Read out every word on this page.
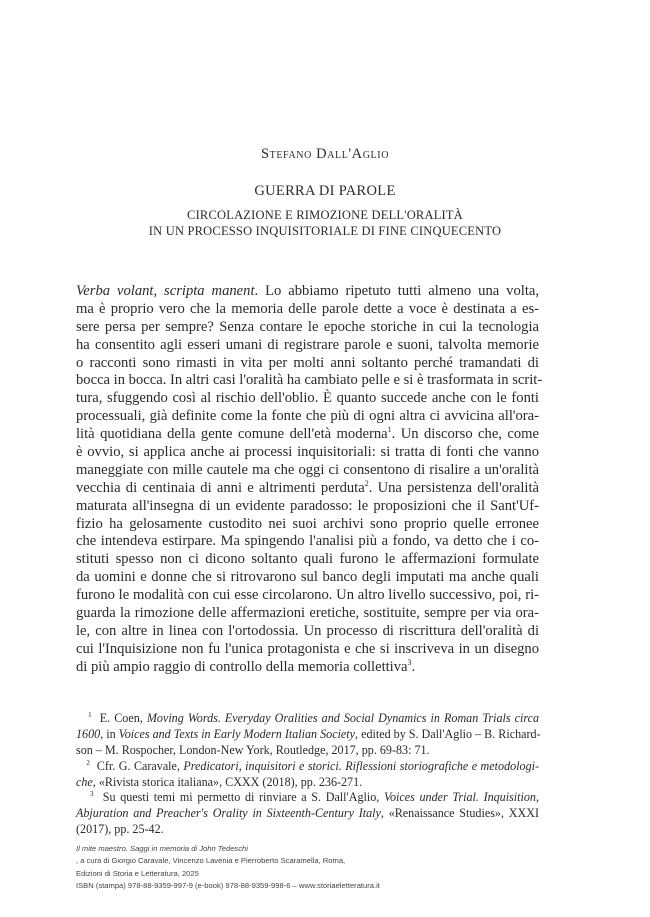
Stefano Dall'Aglio
GUERRA DI PAROLE
CIRCOLAZIONE E RIMOZIONE DELL'ORALITÀ
IN UN PROCESSO INQUISITORIALE DI FINE CINQUECENTO
Verba volant, scripta manent. Lo abbiamo ripetuto tutti almeno una volta,
ma è proprio vero che la memoria delle parole dette a voce è destinata a es-
sere persa per sempre? Senza contare le epoche storiche in cui la tecnologia
ha consentito agli esseri umani di registrare parole e suoni, talvolta memorie
o racconti sono rimasti in vita per molti anni soltanto perché tramandati di
bocca in bocca. In altri casi l'oralità ha cambiato pelle e si è trasformata in scrit-
tura, sfuggendo così al rischio dell'oblio. È quanto succede anche con le fonti
processuali, già definite come la fonte che più di ogni altra ci avvicina all'ora-
lità quotidiana della gente comune dell'età moderna$^1$. Un discorso che, come
è ovvio, si applica anche ai processi inquisitoriali: si tratta di fonti che vanno
maneggiate con mille cautele ma che oggi ci consentono di risalire a un'oralità
vecchia di centinaia di anni e altrimenti perduta$^2$. Una persistenza dell'oralità
maturata all'insegna di un evidente paradosso: le proposizioni che il Sant'Uf-
fizio ha gelosamente custodito nei suoi archivi sono proprio quelle erronee
che intendeva estirpare. Ma spingendo l'analisi più a fondo, va detto che i co-
stituti spesso non ci dicono soltanto quali furono le affermazioni formulate
da uomini e donne che si ritrovarono sul banco degli imputati ma anche quali
furono le modalità con cui esse circolarono. Un altro livello successivo, poi, ri-
guarda la rimozione delle affermazioni eretiche, sostituite, sempre per via ora-
le, con altre in linea con l'ortodossia. Un processo di riscrittura dell'oralità di
cui l'Inquisizione non fu l'unica protagonista e che si inscriveva in un disegno
di più ampio raggio di controllo della memoria collettiva$^3$.
$^1$ E. Coen, Moving Words. Everyday Oralities and Social Dynamics in Roman Trials circa
1600, in Voices and Texts in Early Modern Italian Society, edited by S. Dall'Aglio – B. Richard-
son – M. Rospocher, London-New York, Routledge, 2017, pp. 69-83: 71.
$^2$ Cfr. G. Caravale, Predicatori, inquisitori e storici. Riflessioni storiografiche e metodologi-
che, «Rivista storica italiana», CXXX (2018), pp. 236-271.
$^3$ Su questi temi mi permetto di rinviare a S. Dall'Aglio, Voices under Trial. Inquisition,
Abjuration and Preacher's Orality in Sixteenth-Century Italy, «Renaissance Studies», XXXI
(2017), pp. 25-42.
Il mite maestro. Saggi in memoria di John Tedeschi
, a cura di Giorgio Caravale, Vincenzo Lavenia e Pierroberto Scaramella, Roma,
Edizioni di Storia e Letteratura, 2025
ISBN (stampa) 978-88-9359-997-9 (e-book) 978-88-9359-998-6 – www.storiaeletteratura.it
